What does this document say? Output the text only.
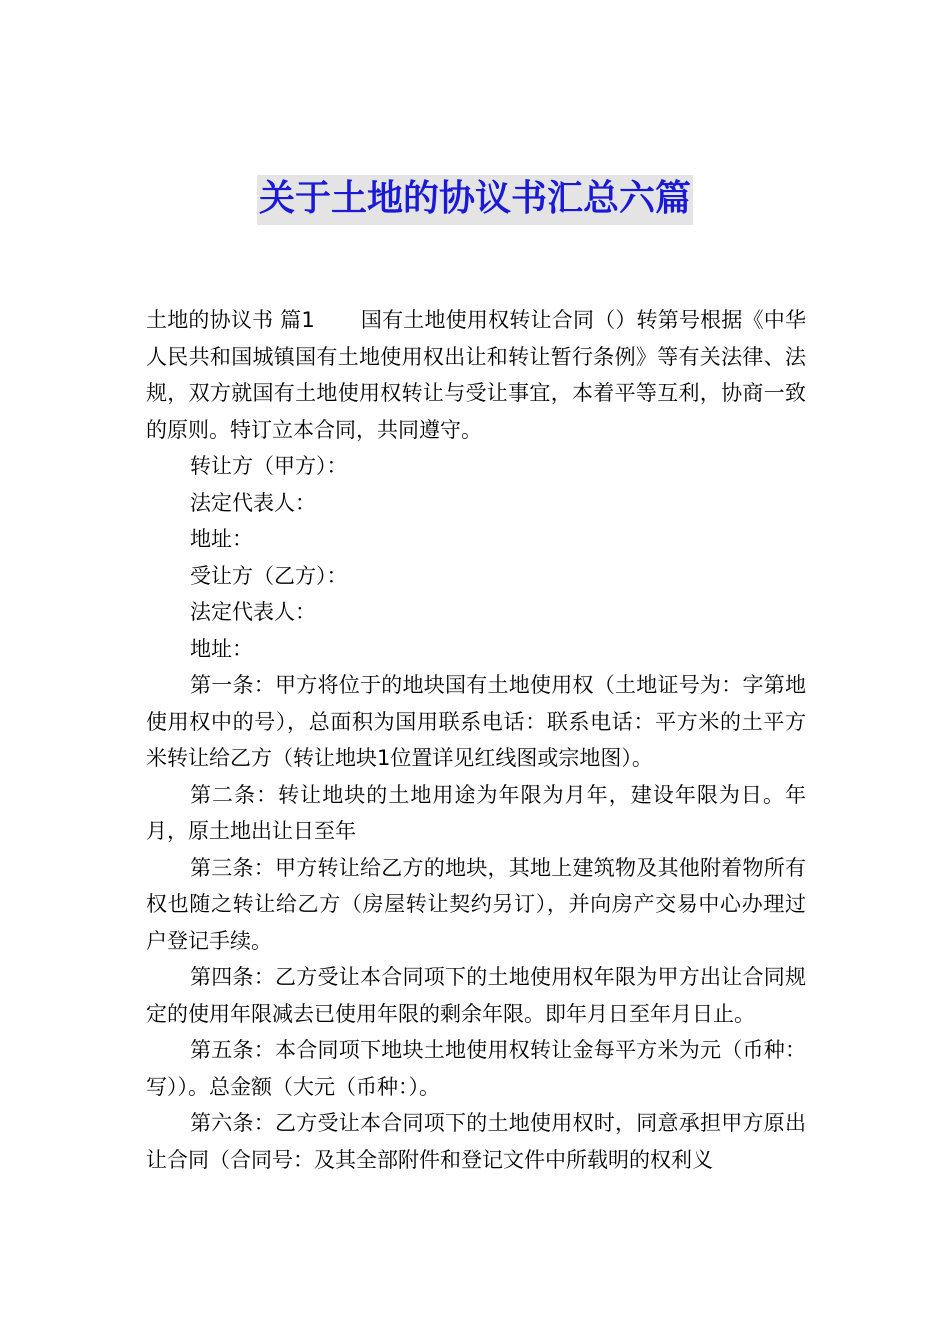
关于土地的协议书汇总六篇

土地的协议书 篇1 国有土地使用权转让合同（）转第号根据《中华人民共和国城镇国有土地使用权出让和转让暂行条例》等有关法律、法规，双方就国有土地使用权转让与受让事宜，本着平等互利，协商一致的原则。特订立本合同，共同遵守。

转让方（甲方）：

法定代表人：

地址：

受让方（乙方）：

法定代表人：

地址：

第一条：甲方将位于的地块国有土地使用权（土地证号为：字第地使用权中的号），总面积为国用联系电话：联系电话：平方米的土平方米转让给乙方（转让地块1位置详见红线图或宗地图）。

第二条：转让地块的土地用途为年限为月年，建设年限为日。年月，原土地出让日至年

第三条：甲方转让给乙方的地块，其地上建筑物及其他附着物所有权也随之转让给乙方（房屋转让契约另订），并向房产交易中心办理过户登记手续。

第四条：乙方受让本合同项下的土地使用权年限为甲方出让合同规定的使用年限减去已使用年限的剩余年限。即年月日至年月日止。

第五条：本合同项下地块土地使用权转让金每平方米为元（币种：写））。总金额（大元（币种：）。

第六条：乙方受让本合同项下的土地使用权时，同意承担甲方原出让合同（合同号：及其全部附件和登记文件中所载明的权利义
